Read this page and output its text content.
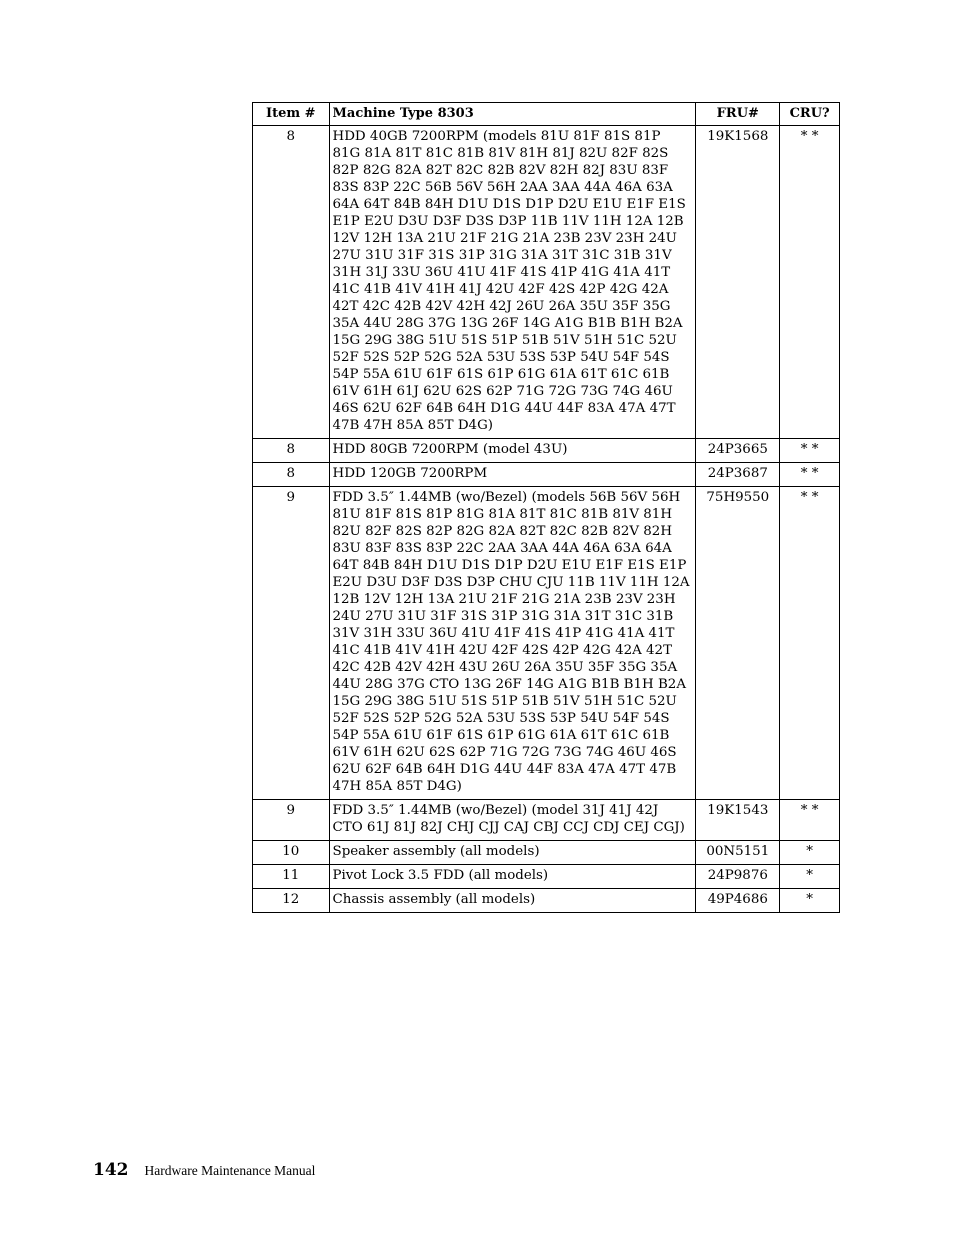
Item #	Machine Type 8303	FRU#	CRU?
8	HDD 40GB 7200RPM (models 81U 81F 81S 81P 81G 81A 81T 81C 81B 81V 81H 81J 82U 82F 82S 82P 82G 82A 82T 82C 82B 82V 82H 82J 83U 83F 83S 83P 22C 56B 56V 56H 2AA 3AA 44A 46A 63A 64A 64T 84B 84H D1U D1S D1P D2U E1U E1F E1S E1P E2U D3U D3F D3S D3P 11B 11V 11H 12A 12B 12V 12H 13A 21U 21F 21G 21A 23B 23V 23H 24U 27U 31U 31F 31S 31P 31G 31A 31T 31C 31B 31V 31H 31J 33U 36U 41U 41F 41S 41P 41G 41A 41T 41C 41B 41V 41H 41J 42U 42F 42S 42P 42G 42A 42T 42C 42B 42V 42H 42J 26U 26A 35U 35F 35G 35A 44U 28G 37G 13G 26F 14G A1G B1B B1H B2A 15G 29G 38G 51U 51S 51P 51B 51V 51H 51C 52U 52F 52S 52P 52G 52A 53U 53S 53P 54U 54F 54S 54P 55A 61U 61F 61S 61P 61G 61A 61T 61C 61B 61V 61H 61J 62U 62S 62P 71G 72G 73G 74G 46U 46S 62U 62F 64B 64H D1G 44U 44F 83A 47A 47T 47B 47H 85A 85T D4G)	19K1568	* *
8	HDD 80GB 7200RPM (model 43U)	24P3665	* *
8	HDD 120GB 7200RPM	24P3687	* *
9	FDD 3.5″ 1.44MB (wo/Bezel) (models 56B 56V 56H 81U 81F 81S 81P 81G 81A 81T 81C 81B 81V 81H 82U 82F 82S 82P 82G 82A 82T 82C 82B 82V 82H 83U 83F 83S 83P 22C 2AA 3AA 44A 46A 63A 64A 64T 84B 84H D1U D1S D1P D2U E1U E1F E1S E1P E2U D3U D3F D3S D3P CHU CJU 11B 11V 11H 12A 12B 12V 12H 13A 21U 21F 21G 21A 23B 23V 23H 24U 27U 31U 31F 31S 31P 31G 31A 31T 31C 31B 31V 31H 33U 36U 41U 41F 41S 41P 41G 41A 41T 41C 41B 41V 41H 42U 42F 42S 42P 42G 42A 42T 42C 42B 42V 42H 43U 26U 26A 35U 35F 35G 35A 44U 28G 37G CTO 13G 26F 14G A1G B1B B1H B2A 15G 29G 38G 51U 51S 51P 51B 51V 51H 51C 52U 52F 52S 52P 52G 52A 53U 53S 53P 54U 54F 54S 54P 55A 61U 61F 61S 61P 61G 61A 61T 61C 61B 61V 61H 62U 62S 62P 71G 72G 73G 74G 46U 46S 62U 62F 64B 64H D1G 44U 44F 83A 47A 47T 47B 47H 85A 85T D4G)	75H9550	* *
9	FDD 3.5″ 1.44MB (wo/Bezel) (model 31J 41J 42J CTO 61J 81J 82J CHJ CJJ CAJ CBJ CCJ CDJ CEJ CGJ)	19K1543	* *
10	Speaker assembly (all models)	00N5151	*
11	Pivot Lock 3.5 FDD (all models)	24P9876	*
12	Chassis assembly (all models)	49P4686	*
142 Hardware Maintenance Manual
